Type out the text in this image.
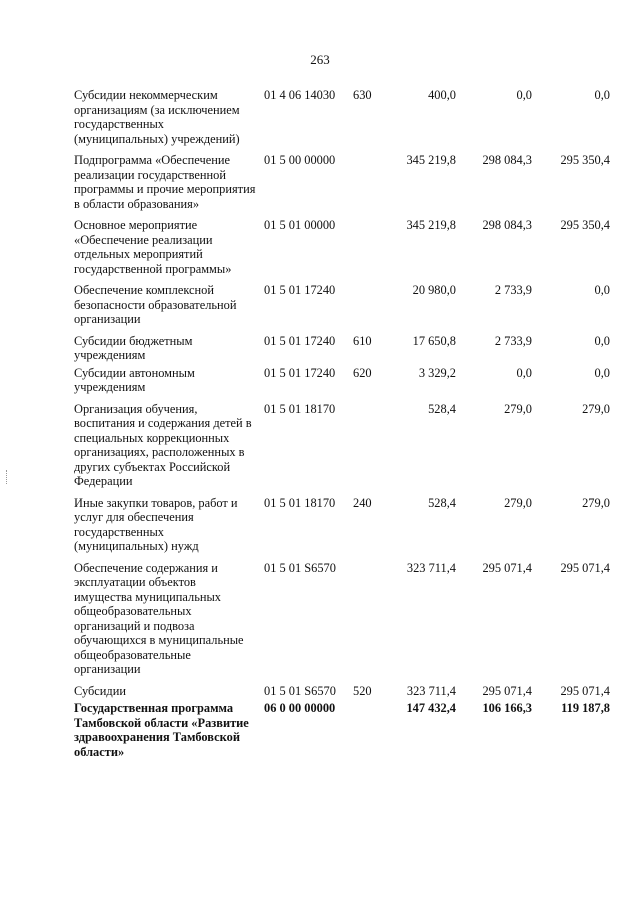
263
Субсидии некоммерческим организациям (за исключением государственных (муниципальных) учреждений)	01 4 06 14030	630	400,0	0,0	0,0
Подпрограмма «Обеспечение реализации государственной программы и прочие мероприятия в области образования»	01 5 00 00000		345 219,8	298 084,3	295 350,4
Основное мероприятие «Обеспечение реализации отдельных мероприятий государственной программы»	01 5 01 00000		345 219,8	298 084,3	295 350,4
Обеспечение комплексной безопасности образовательной организации	01 5 01 17240		20 980,0	2 733,9	0,0
Субсидии бюджетным учреждениям	01 5 01 17240	610	17 650,8	2 733,9	0,0
Субсидии автономным учреждениям	01 5 01 17240	620	3 329,2	0,0	0,0
Организация обучения, воспитания и содержания детей в специальных коррекционных организациях, расположенных в других субъектах Российской Федерации	01 5 01 18170		528,4	279,0	279,0
Иные закупки товаров, работ и услуг для обеспечения государственных (муниципальных) нужд	01 5 01 18170	240	528,4	279,0	279,0
Обеспечение содержания и эксплуатации объектов имущества муниципальных общеобразовательных организаций и подвоза обучающихся в муниципальные общеобразовательные организации	01 5 01 S6570		323 711,4	295 071,4	295 071,4
Субсидии	01 5 01 S6570	520	323 711,4	295 071,4	295 071,4
Государственная программа Тамбовской области «Развитие здравоохранения Тамбовской области»	06 0 00 00000		147 432,4	106 166,3	119 187,8
